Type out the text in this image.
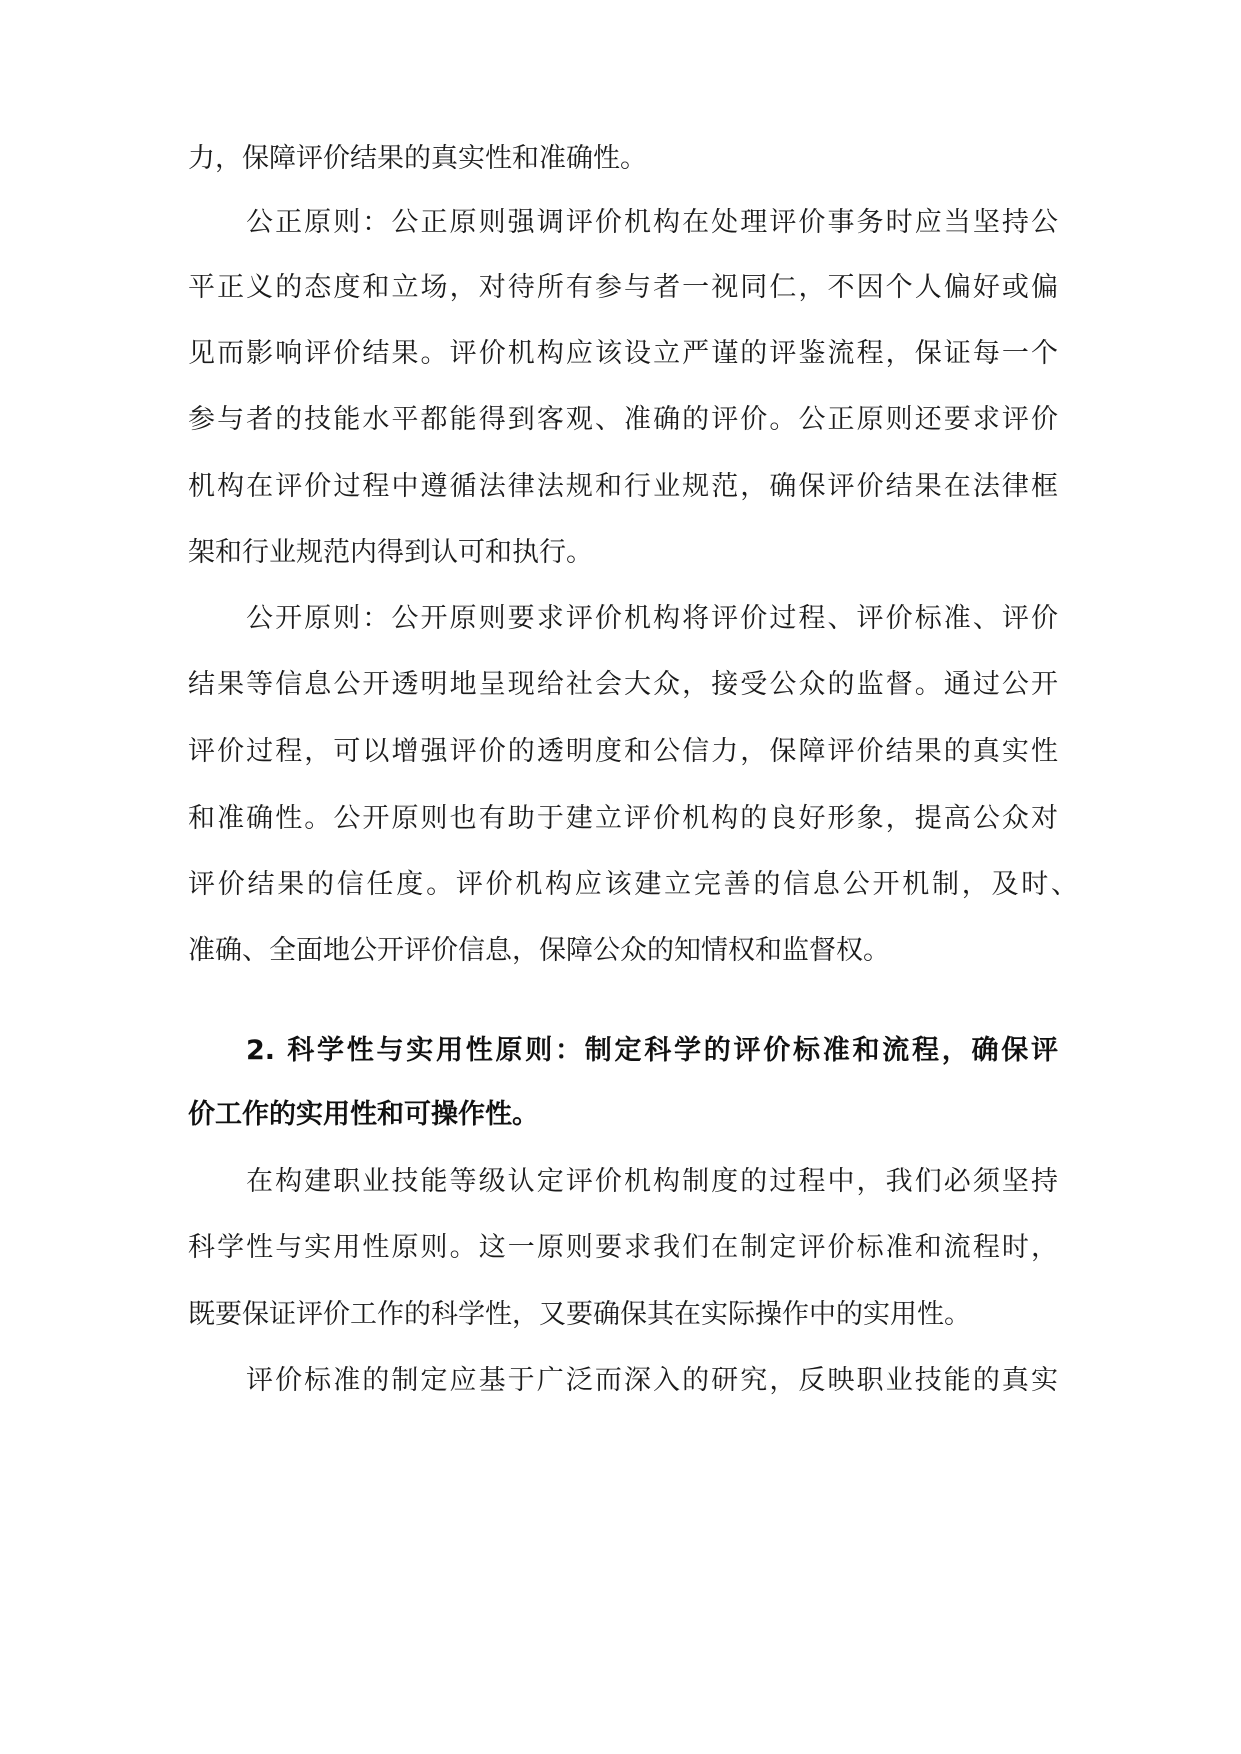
力，保障评价结果的真实性和准确性。
公正原则：公正原则强调评价机构在处理评价事务时应当坚持公
平正义的态度和立场，对待所有参与者一视同仁，不因个人偏好或偏
见而影响评价结果。评价机构应该设立严谨的评鉴流程，保证每一个
参与者的技能水平都能得到客观、准确的评价。公正原则还要求评价
机构在评价过程中遵循法律法规和行业规范，确保评价结果在法律框
架和行业规范内得到认可和执行。
公开原则：公开原则要求评价机构将评价过程、评价标准、评价
结果等信息公开透明地呈现给社会大众，接受公众的监督。通过公开
评价过程，可以增强评价的透明度和公信力，保障评价结果的真实性
和准确性。公开原则也有助于建立评价机构的良好形象，提高公众对
评价结果的信任度。评价机构应该建立完善的信息公开机制，及时、
准确、全面地公开评价信息，保障公众的知情权和监督权。
2. 科学性与实用性原则：制定科学的评价标准和流程，确保评
价工作的实用性和可操作性。
在构建职业技能等级认定评价机构制度的过程中，我们必须坚持
科学性与实用性原则。这一原则要求我们在制定评价标准和流程时，
既要保证评价工作的科学性，又要确保其在实际操作中的实用性。
评价标准的制定应基于广泛而深入的研究，反映职业技能的真实
